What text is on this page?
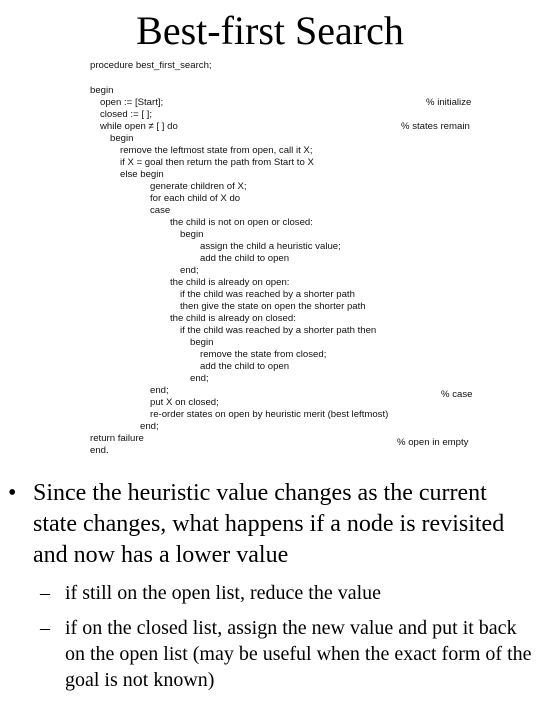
Best-first Search
procedure best_first_search;
begin
open := [Start];
closed := [ ];
while open ≠ [ ] do
begin
remove the leftmost state from open, call it X;
if X = goal then return the path from Start to X
else begin
generate children of X;
for each child of X do
case
the child is not on open or closed:
begin
assign the child a heuristic value;
add the child to open
end;
the child is already on open:
if the child was reached by a shorter path
then give the state on open the shorter path
the child is already on closed:
if the child was reached by a shorter path then
begin
remove the state from closed;
add the child to open
end;
end;
put X on closed;
re-order states on open by heuristic merit (best leftmost)
end;
return failure
end.
% initialize
% states remain
% case
% open in empty
• Since the heuristic value changes as the current state changes, what happens if a node is revisited and now has a lower value
– if still on the open list, reduce the value
– if on the closed list, assign the new value and put it back on the open list (may be useful when the exact form of the goal is not known)
